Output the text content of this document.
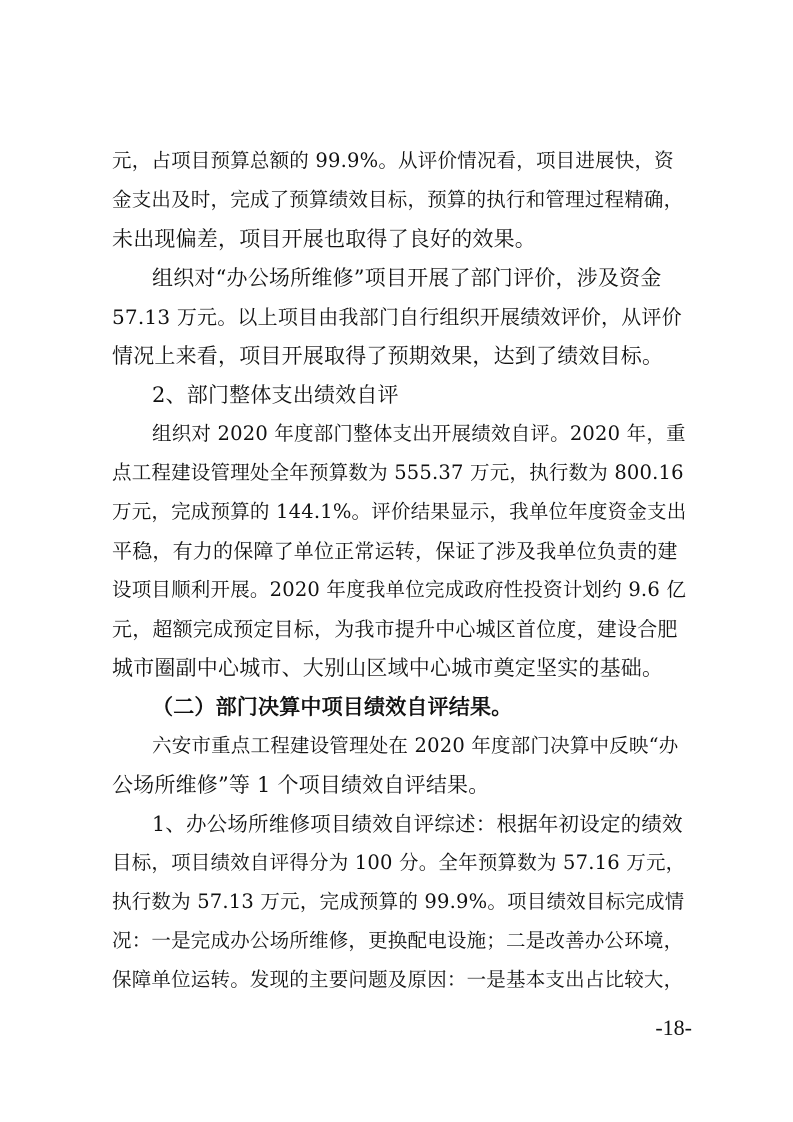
元，占项目预算总额的 99.9%。从评价情况看，项目进展快，资
金支出及时，完成了预算绩效目标，预算的执行和管理过程精确，
未出现偏差，项目开展也取得了良好的效果。
组织对“办公场所维修”项目开展了部门评价，涉及资金
57.13 万元。以上项目由我部门自行组织开展绩效评价，从评价
情况上来看，项目开展取得了预期效果，达到了绩效目标。
2、部门整体支出绩效自评
组织对 2020 年度部门整体支出开展绩效自评。2020 年，重
点工程建设管理处全年预算数为 555.37 万元，执行数为 800.16
万元，完成预算的 144.1%。评价结果显示，我单位年度资金支出
平稳，有力的保障了单位正常运转，保证了涉及我单位负责的建
设项目顺利开展。2020 年度我单位完成政府性投资计划约 9.6 亿
元，超额完成预定目标，为我市提升中心城区首位度，建设合肥
城市圈副中心城市、大别山区域中心城市奠定坚实的基础。
（二）部门决算中项目绩效自评结果。
六安市重点工程建设管理处在 2020 年度部门决算中反映“办
公场所维修”等 1 个项目绩效自评结果。
1、办公场所维修项目绩效自评综述：根据年初设定的绩效
目标，项目绩效自评得分为 100 分。全年预算数为 57.16 万元，
执行数为 57.13 万元，完成预算的 99.9%。项目绩效目标完成情
况：一是完成办公场所维修，更换配电设施；二是改善办公环境，
保障单位运转。发现的主要问题及原因：一是基本支出占比较大，
-18-
